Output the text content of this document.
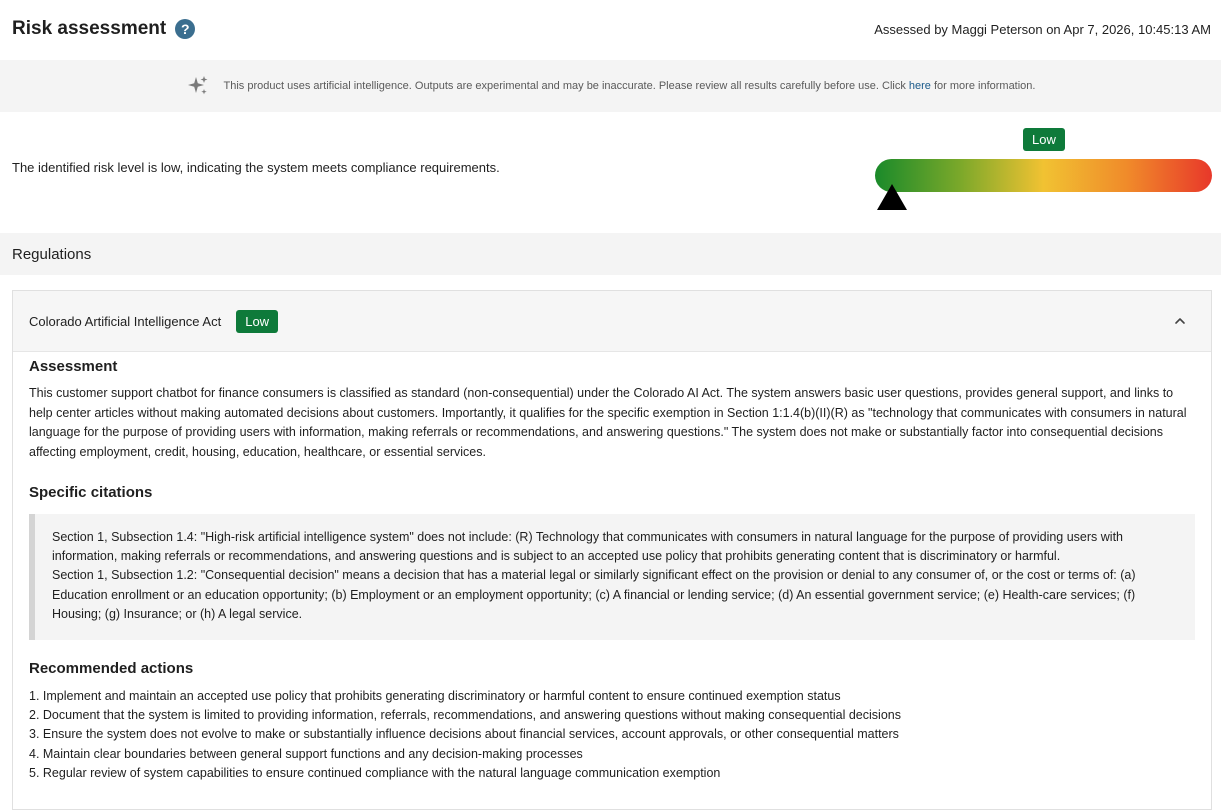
Risk assessment	?	Assessed by Maggi Peterson on Apr 7, 2026, 10:45:13 AM
This product uses artificial intelligence. Outputs are experimental and may be inaccurate. Please review all results carefully before use. Click here for more information.
The identified risk level is low, indicating the system meets compliance requirements.
Low
Regulations
Colorado Artificial Intelligence Act	Low
Assessment

This customer support chatbot for finance consumers is classified as standard (non-consequential) under the Colorado AI Act. The system answers basic user questions, provides general support, and links to help center articles without making automated decisions about customers. Importantly, it qualifies for the specific exemption in Section 1:1.4(b)(II)(R) as "technology that communicates with consumers in natural language for the purpose of providing users with information, making referrals or recommendations, and answering questions." The system does not make or substantially factor into consequential decisions affecting employment, credit, housing, education, healthcare, or essential services.

Specific citations
Section 1, Subsection 1.4: "High-risk artificial intelligence system" does not include: (R) Technology that communicates with consumers in natural language for the purpose of providing users with information, making referrals or recommendations, and answering questions and is subject to an accepted use policy that prohibits generating content that is discriminatory or harmful.
Section 1, Subsection 1.2: "Consequential decision" means a decision that has a material legal or similarly significant effect on the provision or denial to any consumer of, or the cost or terms of: (a) Education enrollment or an education opportunity; (b) Employment or an employment opportunity; (c) A financial or lending service; (d) An essential government service; (e) Health-care services; (f) Housing; (g) Insurance; or (h) A legal service.
Recommended actions
1. Implement and maintain an accepted use policy that prohibits generating discriminatory or harmful content to ensure continued exemption status
2. Document that the system is limited to providing information, referrals, recommendations, and answering questions without making consequential decisions
3. Ensure the system does not evolve to make or substantially influence decisions about financial services, account approvals, or other consequential matters
4. Maintain clear boundaries between general support functions and any decision-making processes
5. Regular review of system capabilities to ensure continued compliance with the natural language communication exemption
